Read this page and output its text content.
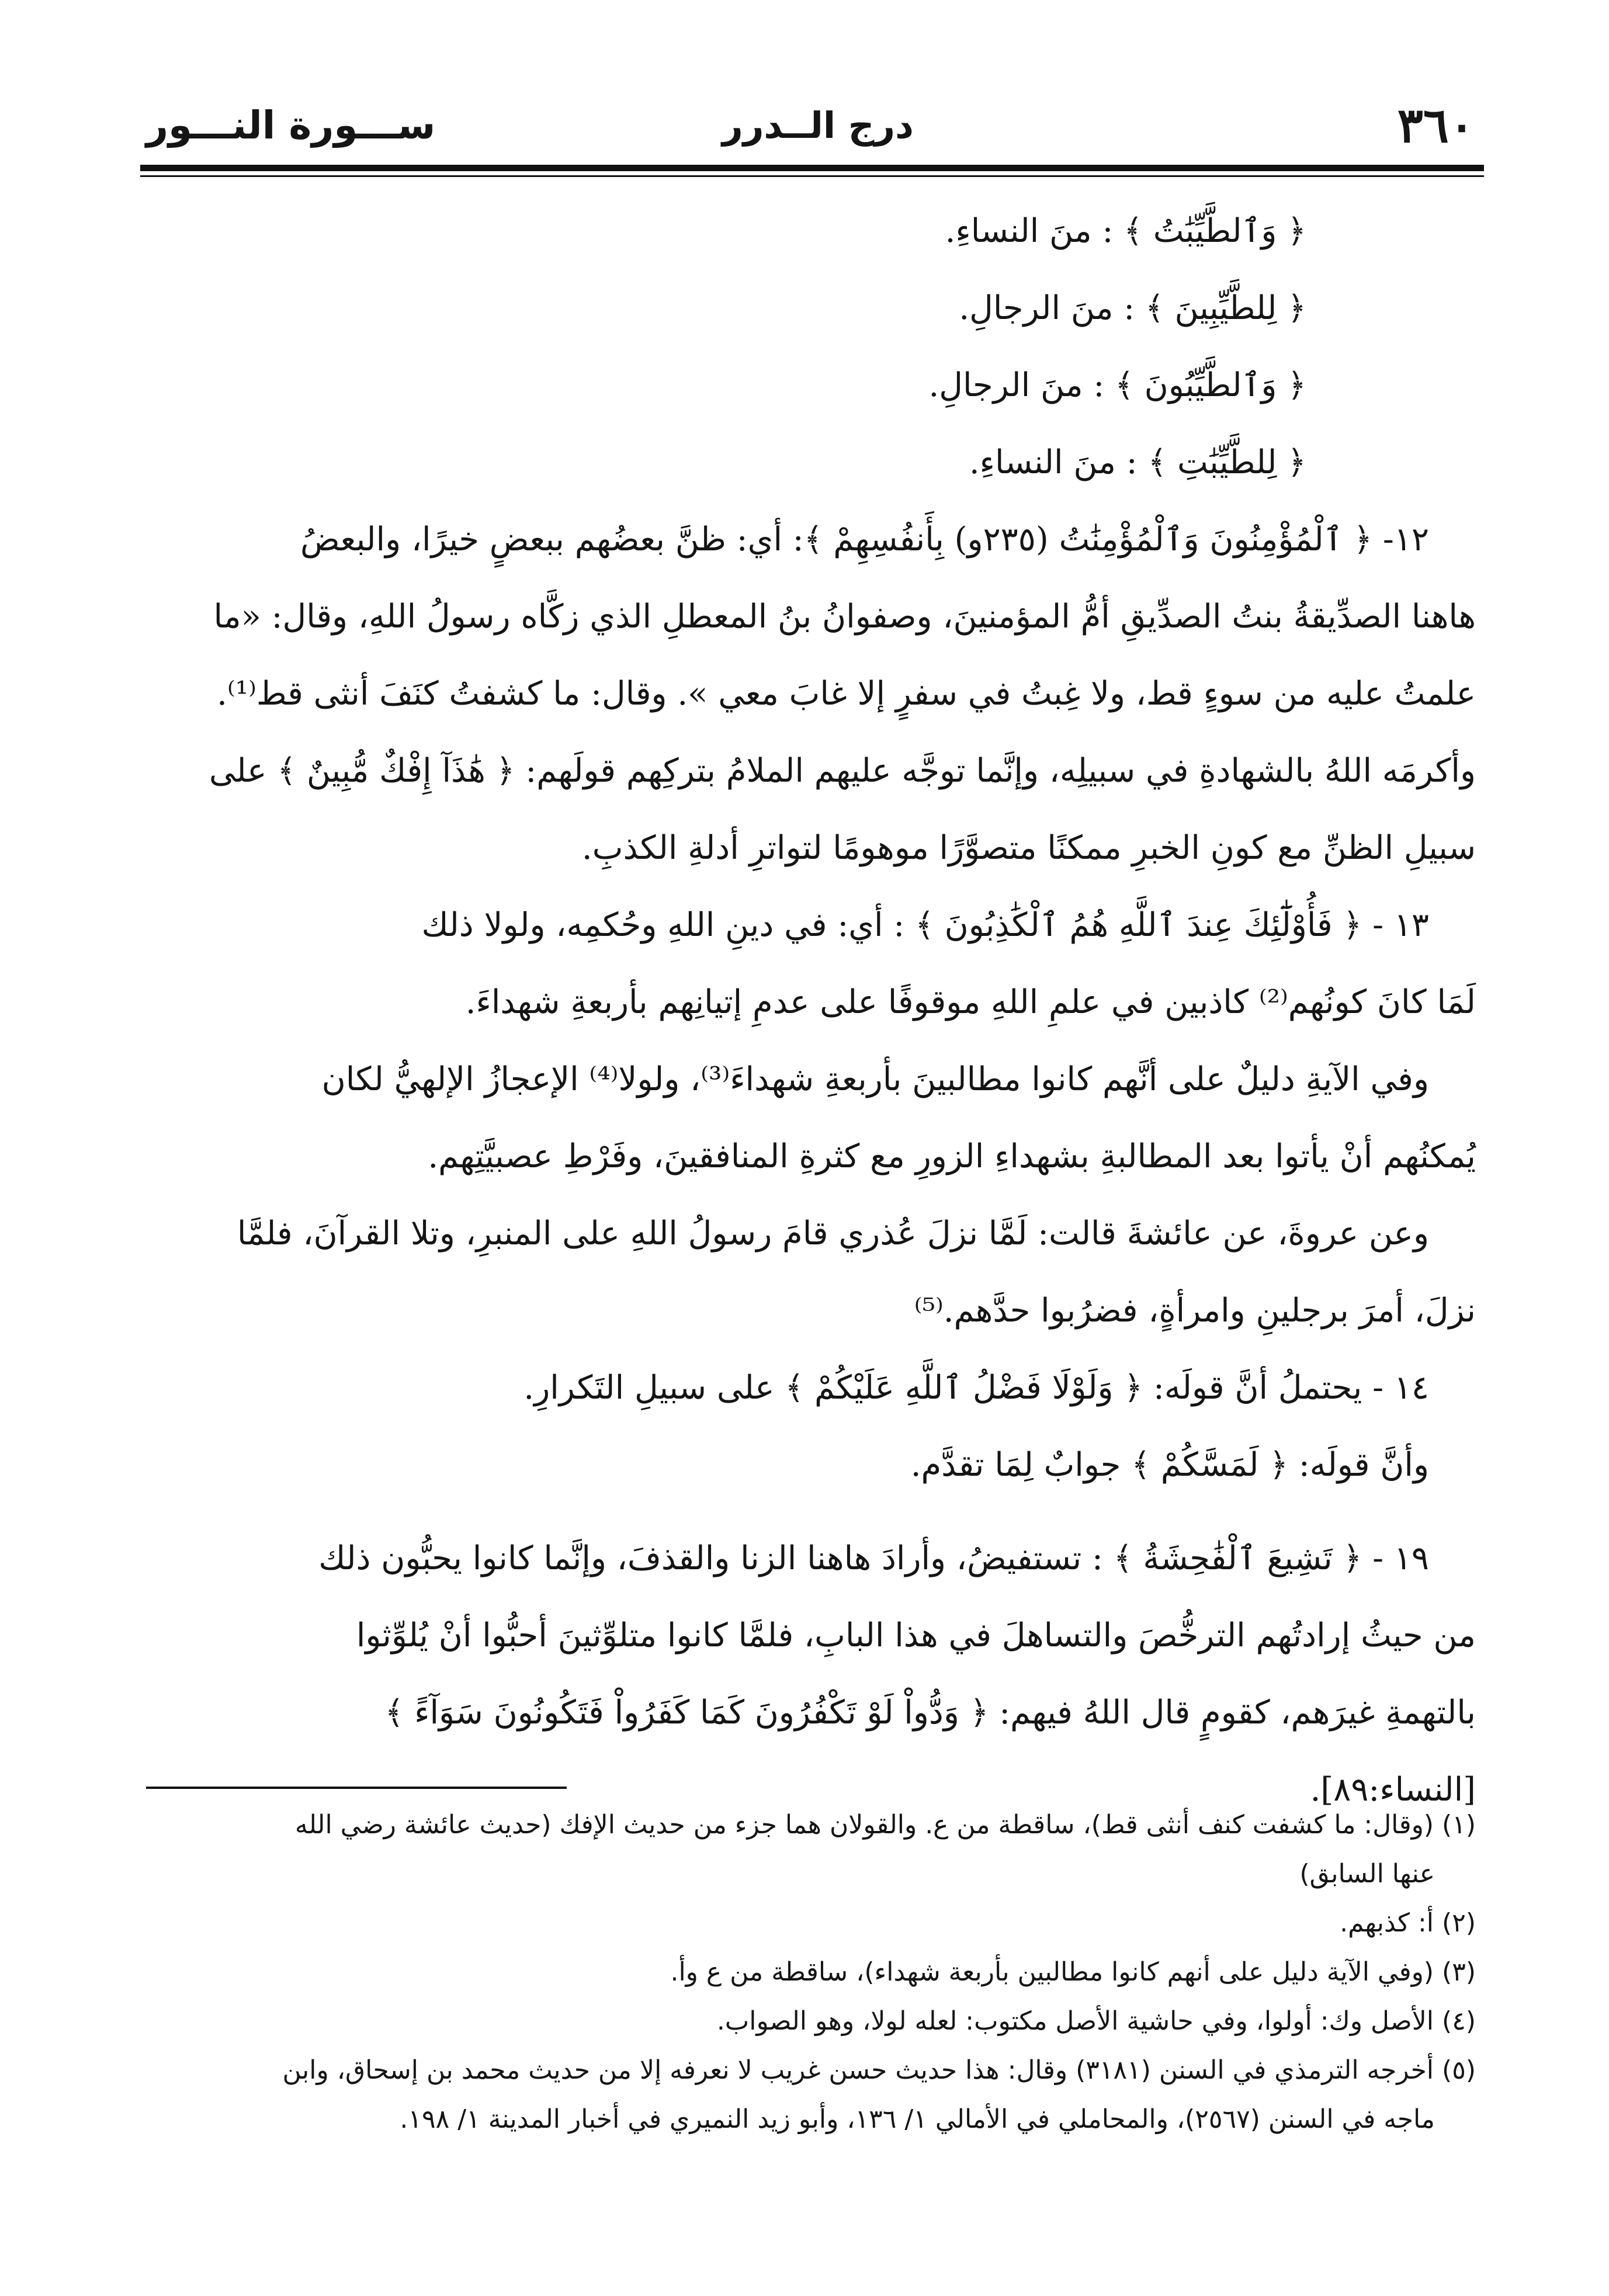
٣٦٠
درج الــدرر
ســـورة النـــور

﴿ وَٱلطَّيِّبَٰتُ ﴾ : منَ النساءِ.

﴿ لِلطَّيِّبِينَ ﴾ : منَ الرجالِ.

﴿ وَٱلطَّيِّبُونَ ﴾ : منَ الرجالِ.

﴿ لِلطَّيِّبَٰتِ ﴾ : منَ النساءِ.

١٢- ﴿ ٱلْمُؤْمِنُونَ وَٱلْمُؤْمِنَٰتُ (٢٣٥و) بِأَنفُسِهِمْ ﴾: أي: ظنَّ بعضُهم ببعضٍ خيرًا، والبعضُ

هاهنا الصدِّيقةُ بنتُ الصدِّيقِ أمُّ المؤمنينَ، وصفوانُ بنُ المعطلِ الذي زكَّاه رسولُ اللهِ، وقال: «ما

علمتُ عليه من سوءٍ قط، ولا غِبتُ في سفرٍ إلا غابَ معي ». وقال: ما كشفتُ كنَفَ أنثى قط⁽¹⁾.

وأكرمَه اللهُ بالشهادةِ في سبيلِه، وإنَّما توجَّه عليهم الملامُ بتركِهم قولَهم: ﴿ هَٰذَآ إِفْكٌ مُّبِينٌ ﴾ على

سبيلِ الظنِّ مع كونِ الخبرِ ممكنًا متصوَّرًا موهومًا لتواترِ أدلةِ الكذبِ.

١٣ - ﴿ فَأُوْلَٰٓئِكَ عِندَ ٱللَّهِ هُمُ ٱلْكَٰذِبُونَ ﴾ : أي: في دينِ اللهِ وحُكمِه، ولولا ذلك

لَمَا كانَ كونُهم⁽²⁾ كاذبين في علمِ اللهِ موقوفًا على عدمِ إتيانِهم بأربعةِ شهداءَ.

وفي الآيةِ دليلٌ على أنَّهم كانوا مطالبينَ بأربعةِ شهداءَ⁽³⁾، ولولا⁽⁴⁾ الإعجازُ الإلهيُّ لكان

يُمكنُهم أنْ يأتوا بعد المطالبةِ بشهداءِ الزورِ مع كثرةِ المنافقينَ، وفَرْطِ عصبيَّتِهم.

وعن عروةَ، عن عائشةَ قالت: لَمَّا نزلَ عُذري قامَ رسولُ اللهِ على المنبرِ، وتلا القرآنَ، فلمَّا

نزلَ، أمرَ برجلينِ وامرأةٍ، فضرُبوا حدَّهم.⁽⁵⁾

١٤ - يحتملُ أنَّ قولَه: ﴿ وَلَوْلَا فَضْلُ ٱللَّهِ عَلَيْكُمْ ﴾ على سبيلِ التَكرارِ.

وأنَّ قولَه: ﴿ لَمَسَّكُمْ ﴾ جوابٌ لِمَا تقدَّم.

١٩ - ﴿ تَشِيعَ ٱلْفَٰحِشَةُ ﴾ : تستفيضُ، وأرادَ هاهنا الزنا والقذفَ، وإنَّما كانوا يحبُّون ذلك

من حيثُ إرادتُهم الترخُّصَ والتساهلَ في هذا البابِ، فلمَّا كانوا متلوِّثينَ أحبُّوا أنْ يُلوِّثوا

بالتهمةِ غيرَهم، كقومٍ قال اللهُ فيهم: ﴿ وَدُّواْ لَوْ تَكْفُرُونَ كَمَا كَفَرُواْ فَتَكُونُونَ سَوَآءً ﴾

[النساء:٨٩].

(١) (وقال: ما كشفت كنف أنثى قط)، ساقطة من ع. والقولان هما جزء من حديث الإفك (حديث عائشة رضي الله

عنها السابق)

(٢) أ: كذبهم.

(٣) (وفي الآية دليل على أنهم كانوا مطالبين بأربعة شهداء)، ساقطة من ع وأ.

(٤) الأصل وك: أولوا، وفي حاشية الأصل مكتوب: لعله لولا، وهو الصواب.

(٥) أخرجه الترمذي في السنن (٣١٨١) وقال: هذا حديث حسن غريب لا نعرفه إلا من حديث محمد بن إسحاق، وابن

ماجه في السنن (٢٥٦٧)، والمحاملي في الأمالي ١/ ١٣٦، وأبو زيد النميري في أخبار المدينة ١/ ١٩٨.
